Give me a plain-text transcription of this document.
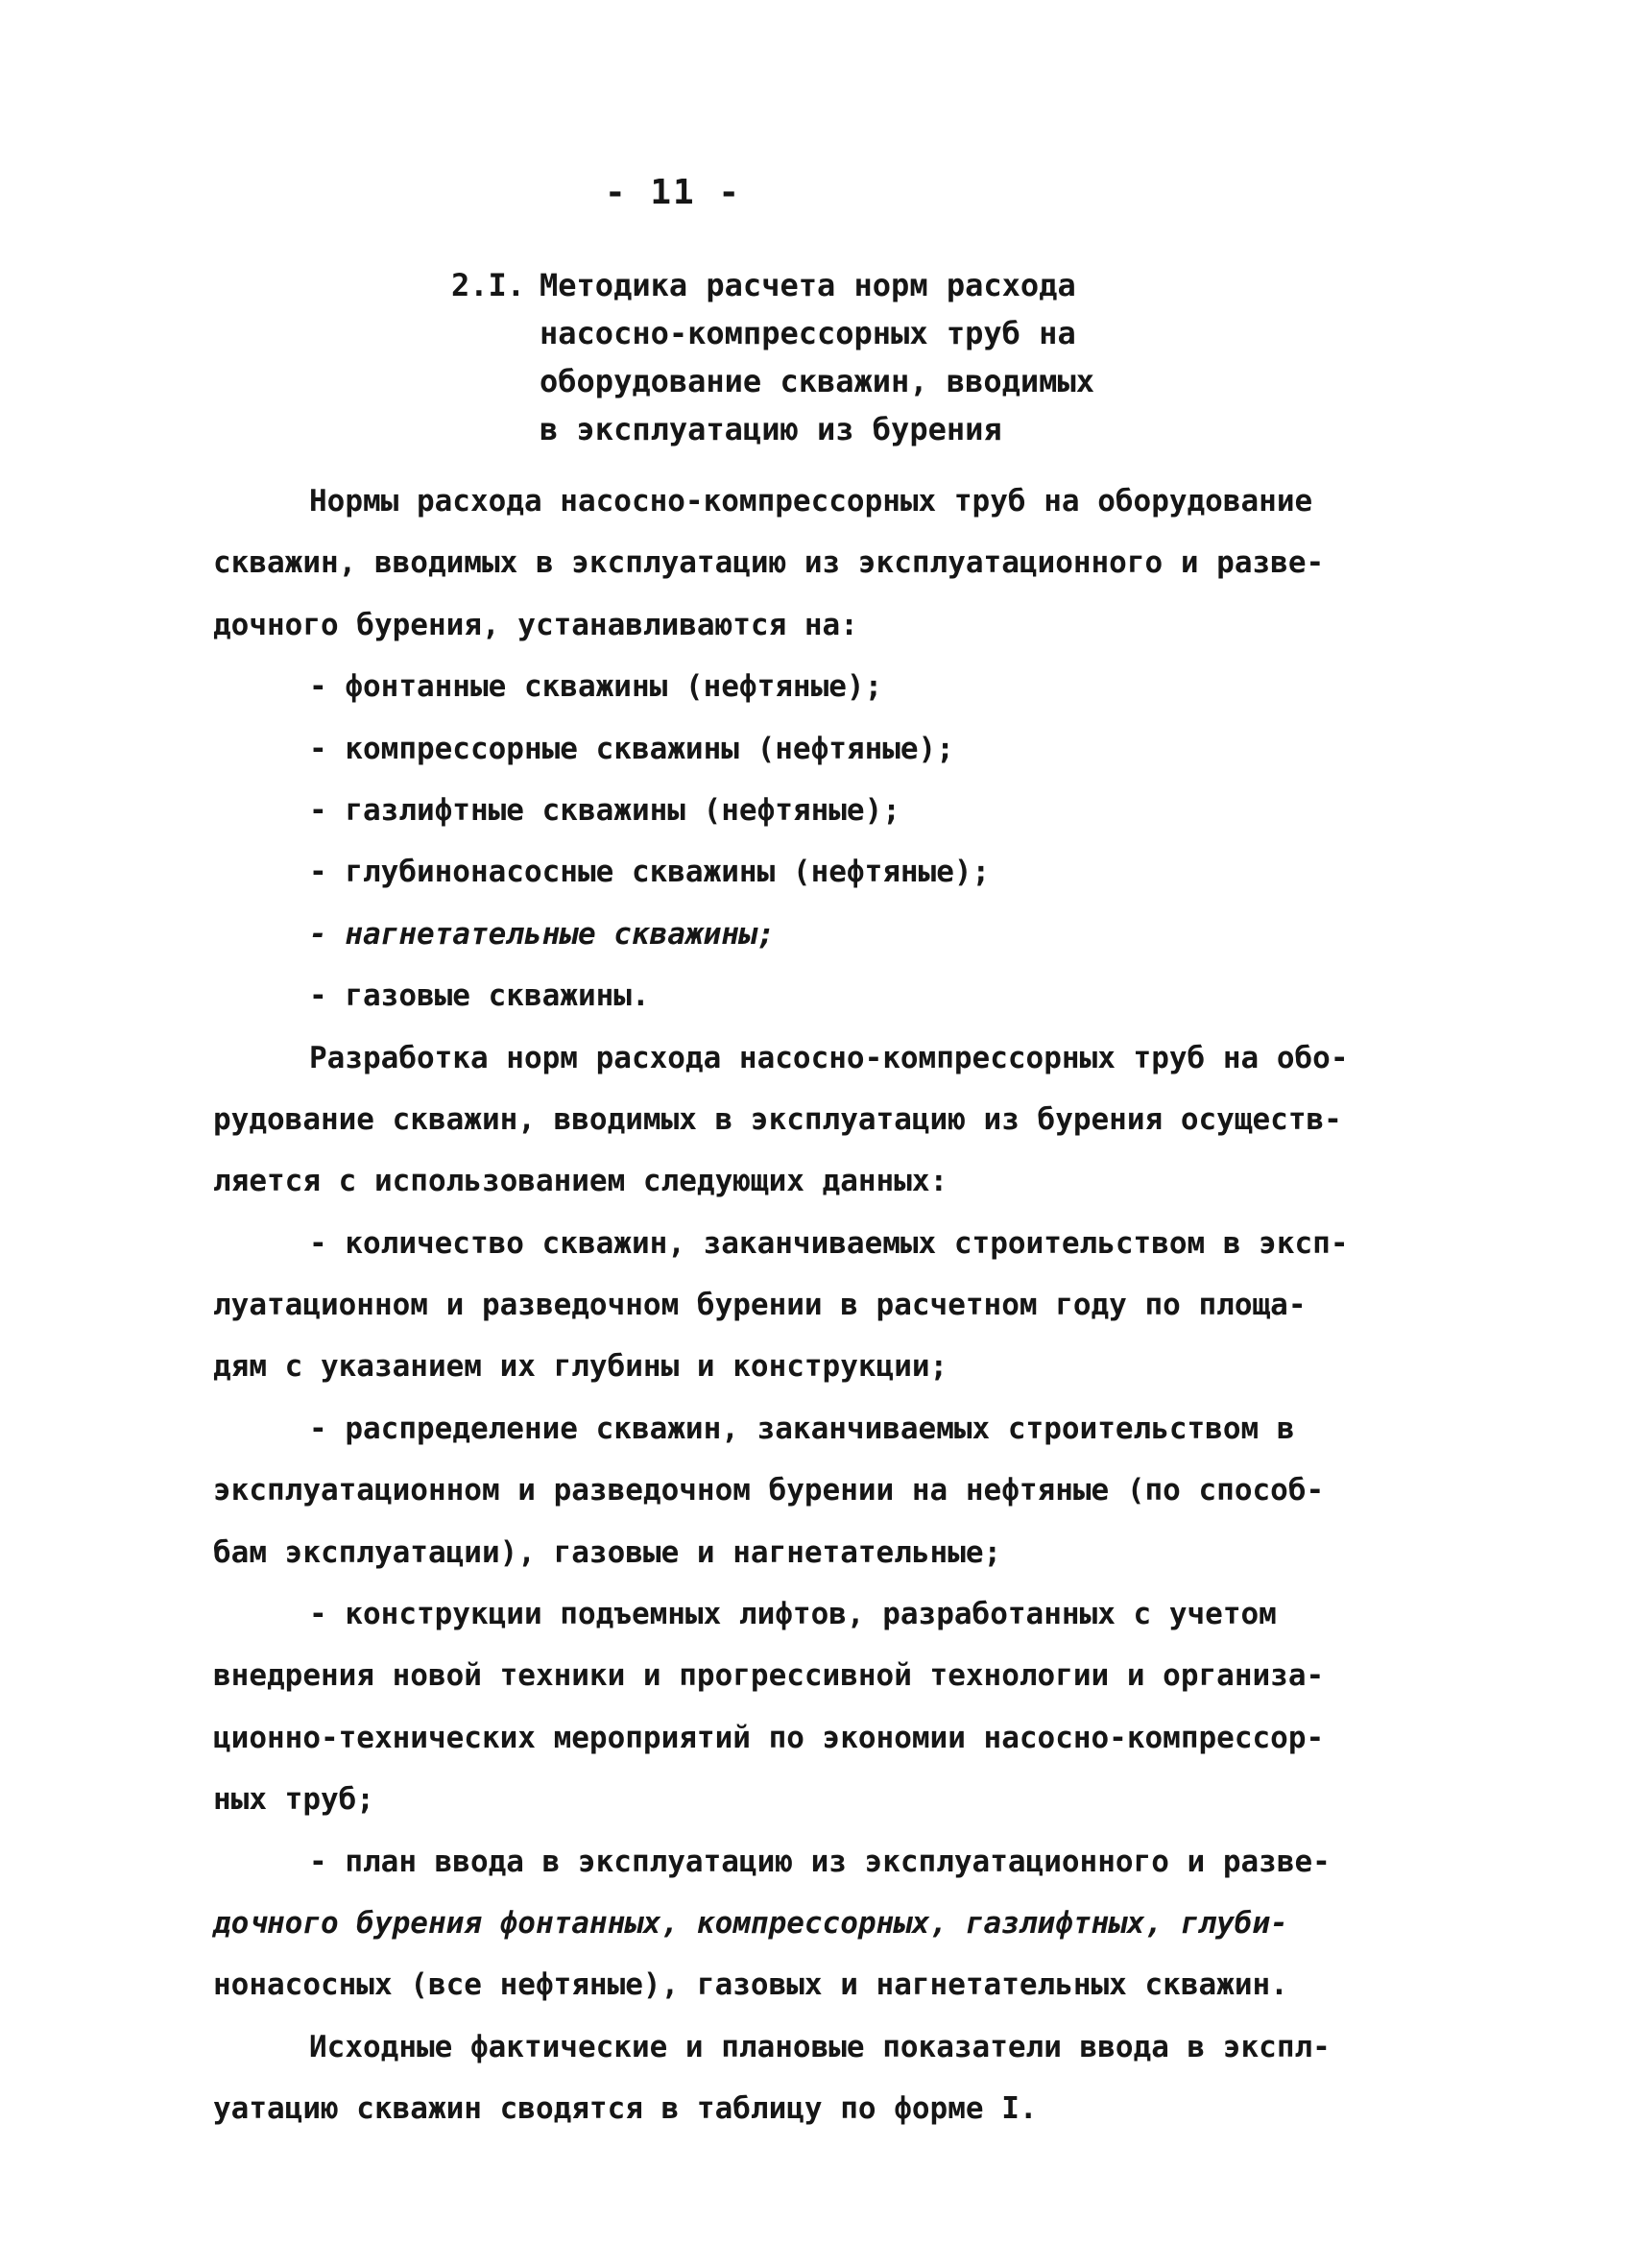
- 11 -
2.I. Методика расчета норм расхода
насосно-компрессорных труб на
оборудование скважин, вводимых
в эксплуатацию из бурения
Нормы расхода насосно-компрессорных труб на оборудование
скважин, вводимых в эксплуатацию из эксплуатационного и разве-
дочного бурения, устанавливаются на:
- фонтанные скважины (нефтяные);
- компрессорные скважины (нефтяные);
- газлифтные скважины (нефтяные);
- глубинонасосные скважины (нефтяные);
- нагнетательные скважины;
- газовые скважины.
Разработка норм расхода насосно-компрессорных труб на обо-
рудование скважин, вводимых в эксплуатацию из бурения осуществ-
ляется с использованием следующих данных:
- количество скважин, заканчиваемых строительством в эксп-
луатационном и разведочном бурении в расчетном году по площа-
дям с указанием их глубины и конструкции;
- распределение скважин, заканчиваемых строительством в
эксплуатационном и разведочном бурении на нефтяные (по способ-
бам эксплуатации), газовые и нагнетательные;
- конструкции подъемных лифтов, разработанных с учетом
внедрения новой техники и прогрессивной технологии и организа-
ционно-технических мероприятий по экономии насосно-компрессор-
ных труб;
- план ввода в эксплуатацию из эксплуатационного и разве-
дочного бурения фонтанных, компрессорных, газлифтных, глуби-
нонасосных (все нефтяные), газовых и нагнетательных скважин.
Исходные фактические и плановые показатели ввода в экспл-
уатацию скважин сводятся в таблицу по форме I.
